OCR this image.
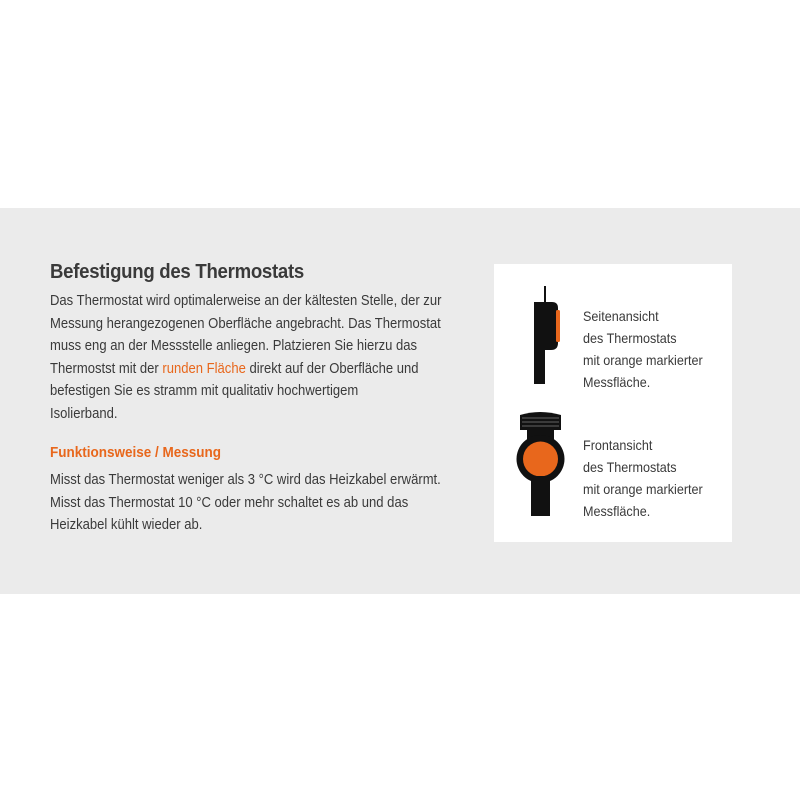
Befestigung des Thermostats

Das Thermostat wird optimalerweise an der kältesten Stelle, der zur
Messung herangezogenen Oberfläche angebracht. Das Thermostat
muss eng an der Messstelle anliegen. Platzieren Sie hierzu das
Thermostst mit der runden Fläche direkt auf der Oberfläche und
befestigen Sie es stramm mit qualitativ hochwertigem
Isolierband.

Funktionsweise / Messung

Misst das Thermostat weniger als 3 °C wird das Heizkabel erwärmt.
Misst das Thermostat 10 °C oder mehr schaltet es ab und das
Heizkabel kühlt wieder ab.

Seitenansicht
des Thermostats
mit orange markierter
Messfläche.
Frontansicht
des Thermostats
mit orange markierter
Messfläche.
